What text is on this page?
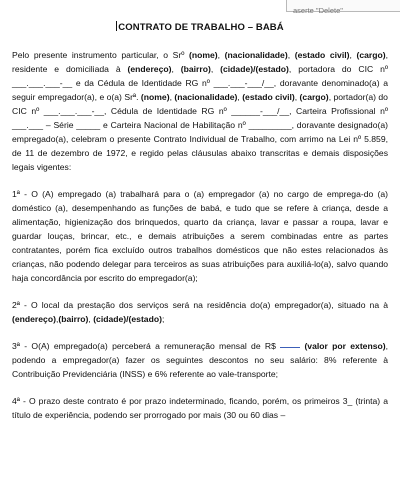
aserte "Delete"
CONTRATO DE TRABALHO – BABÁ

Pelo presente instrumento particular, o Srº (nome), (nacionalidade), (estado civil), (cargo), residente e domiciliada à (endereço), (bairro), (cidade)/(estado), portadora do CIC nº ___.___.___-__ e da Cédula de Identidade RG nº ___.___-___/__, doravante denominado(a) a seguir empregador(a), e o(a) Srª. (nome), (nacionalidade), (estado civil), (cargo), portador(a) do CIC nº ___.___.___-__, Cédula de Identidade RG nº ______-___/__, Carteira Profissional nº ___.___ – Série _____ e Carteira Nacional de Habilitação nº _________, doravante designado(a) empregado(a), celebram o presente Contrato Individual de Trabalho, com arrimo na Lei nº 5.859, de 11 de dezembro de 1972, e regido pelas cláusulas abaixo transcritas e demais disposições legais vigentes:

1ª - O (A) empregado (a) trabalhará para o (a) empregador (a) no cargo de emprega-do (a) doméstico (a), desempenhando as funções de babá, e tudo que se refere à criança, desde a alimentação, higienização dos brinquedos, quarto da criança, lavar e passar a roupa, lavar e guardar louças, brincar, etc., e demais atribuições a serem combinadas entre as partes contratantes, porém fica excluído outros trabalhos domésticos que não estes relacionados às crianças, não podendo delegar para terceiros as suas atribuições para auxiliá-lo(a), salvo quando haja concordância por escrito do empregador(a);

2ª - O local da prestação dos serviços será na residência do(a) empregador(a), situado na à (endereço),(bairro), (cidade)/(estado);

3ª - O(A) empregado(a) perceberá a remuneração mensal de R$  (valor por extenso), podendo a empregador(a) fazer os seguintes descontos no seu salário: 8% referente à Contribuição Previdenciária (INSS) e 6% referente ao vale-transporte;

4ª - O prazo deste contrato é por prazo indeterminado, ficando, porém, os primeiros 3_ (trinta) a título de experiência, podendo ser prorrogado por mais (30 ou 60 dias –
